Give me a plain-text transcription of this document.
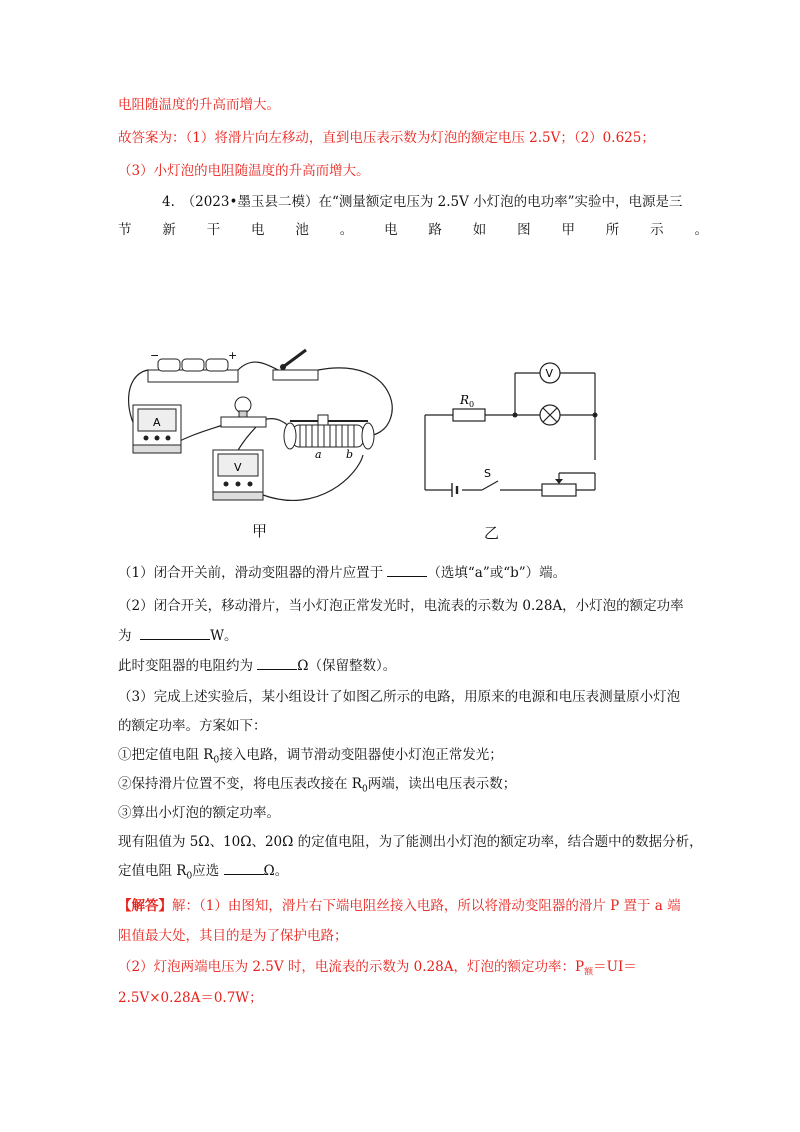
电阻随温度的升高而增大。
故答案为：（1）将滑片向左移动，直到电压表示数为灯泡的额定电压 2.5V；（2）0.625；
（3）小灯泡的电阻随温度的升高而增大。
4.　（2023•墨玉县二模）在“测量额定电压为 2.5V 小灯泡的电功率”实验中，电源是三
节 新 干 电 池 。 电 路 如 图 甲 所 示 。
−	+
A
V
a b
甲
V
R 0
S
乙
（1）闭合开关前，滑动变阻器的滑片应置于	（选填“a”或“b”）端。
（2）闭合开关，移动滑片，当小灯泡正常发光时，电流表的示数为 0.28A，小灯泡的额定功率
为	W。
此时变阻器的电阻约为	Ω（保留整数）。
（3）完成上述实验后，某小组设计了如图乙所示的电路，用原来的电源和电压表测量原小灯泡
的额定功率。方案如下：
①把定值电阻 $R_0$接入电路，调节滑动变阻器使小灯泡正常发光；
②保持滑片位置不变，将电压表改接在 $R_0$两端，读出电压表示数；
③算出小灯泡的额定功率。
现有阻值为 5Ω、10Ω、20Ω 的定值电阻，为了能测出小灯泡的额定功率，结合题中的数据分析，
定值电阻 $R_0$应选	Ω。
【解答】解：（1）由图知，滑片右下端电阻丝接入电路，所以将滑动变阻器的滑片 P 置于 a 端
阻值最大处，其目的是为了保护电路；
（2）灯泡两端电压为 2.5V 时，电流表的示数为 0.28A，灯泡的额定功率：$P_额=UI=$
2.5V×0.28A＝0.7W；
